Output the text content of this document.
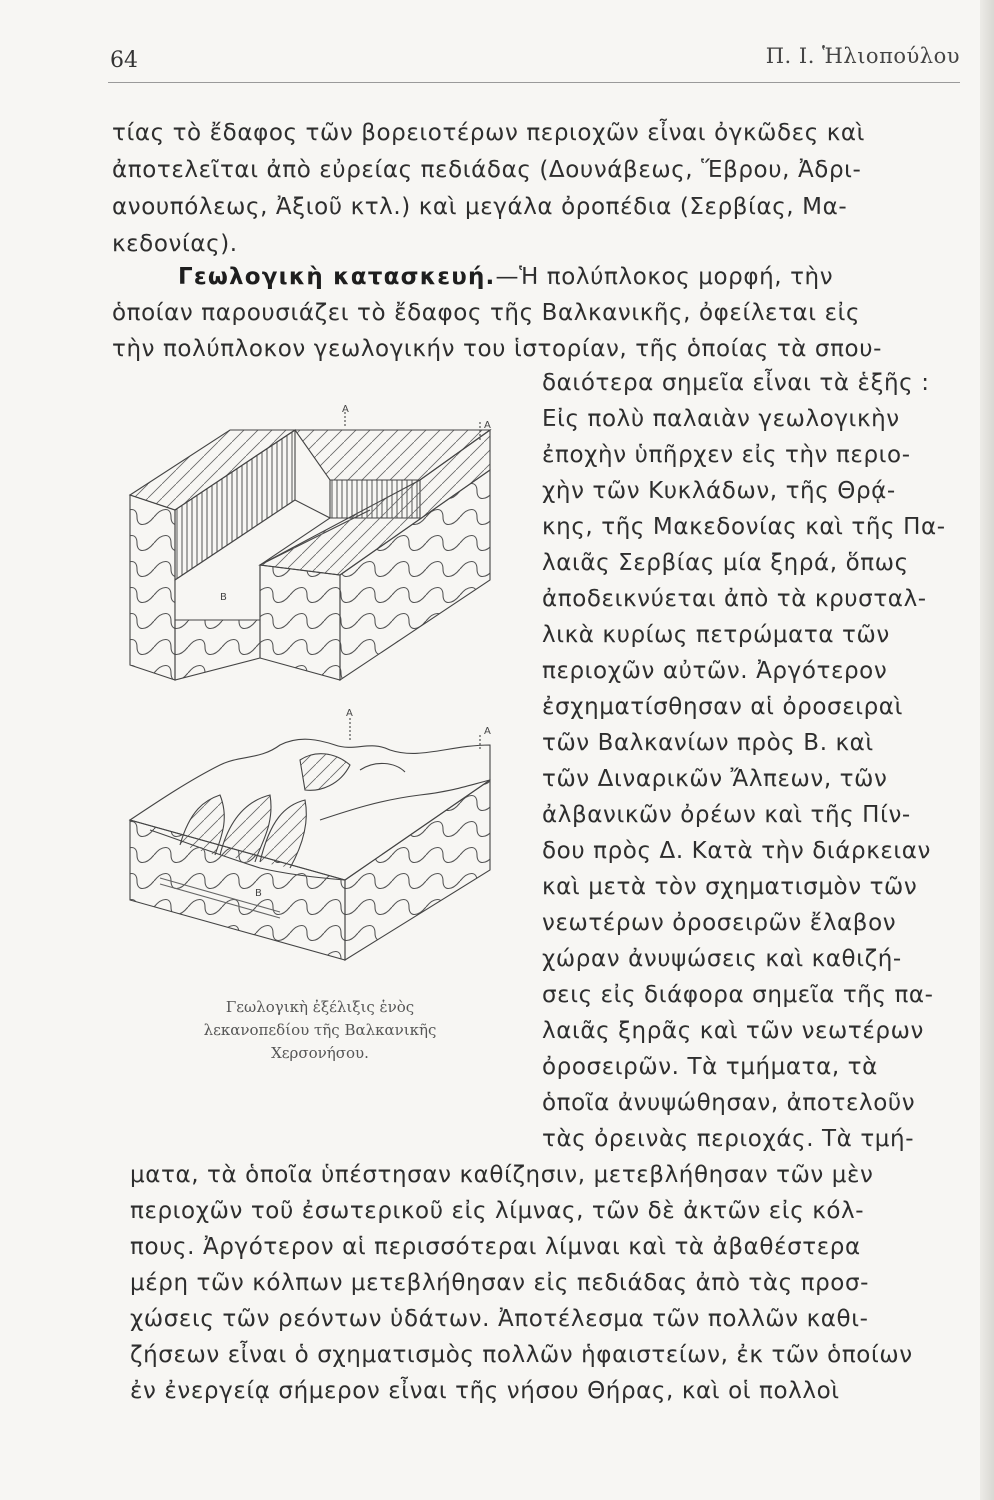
64	Π. Ι. Ἡλιοπούλου
τίας τὸ ἔδαφος τῶν βορειοτέρων περιοχῶν εἶναι ὀγκῶδες καὶ
ἀποτελεῖται ἀπὸ εὐρείας πεδιάδας (Δουνάβεως, Ἕβρου, Ἀδρι-
ανουπόλεως, Ἀξιοῦ κτλ.) καὶ μεγάλα ὀροπέδια (Σερβίας, Μα-
κεδονίας).
Γεωλογικὴ κατασκευή.—Ἡ πολύπλοκος μορφή, τὴν
ὁποίαν παρουσιάζει τὸ ἔδαφος τῆς Βαλκανικῆς, ὀφείλεται εἰς
τὴν πολύπλοκον γεωλογικήν του ἱστορίαν, τῆς ὁποίας τὰ σπου-
δαιότερα σημεῖα εἶναι τὰ ἑξῆς :
Εἰς πολὺ παλαιὰν γεωλογικὴν
ἐποχὴν ὑπῆρχεν εἰς τὴν περιο-
χὴν τῶν Κυκλάδων, τῆς Θρᾴ-
κης, τῆς Μακεδονίας καὶ τῆς Πα-
λαιᾶς Σερβίας μία ξηρά, ὅπως
ἀποδεικνύεται ἀπὸ τὰ κρυσταλ-
λικὰ κυρίως πετρώματα τῶν
περιοχῶν αὐτῶν. Ἀργότερον
ἐσχηματίσθησαν αἱ ὀροσειραὶ
τῶν Βαλκανίων πρὸς Β. καὶ
τῶν Διναρικῶν Ἄλπεων, τῶν
ἀλβανικῶν ὀρέων καὶ τῆς Πίν-
δου πρὸς Δ. Κατὰ τὴν διάρκειαν
καὶ μετὰ τὸν σχηματισμὸν τῶν
νεωτέρων ὀροσειρῶν ἔλαβον
χώραν ἀνυψώσεις καὶ καθιζή-
σεις εἰς διάφορα σημεῖα τῆς πα-
λαιᾶς ξηρᾶς καὶ τῶν νεωτέρων
ὀροσειρῶν. Τὰ τμήματα, τὰ
ὁποῖα ἀνυψώθησαν, ἀποτελοῦν
τὰς ὀρεινὰς περιοχάς. Τὰ τμή-
ματα, τὰ ὁποῖα ὑπέστησαν καθίζησιν, μετεβλήθησαν τῶν μὲν
περιοχῶν τοῦ ἐσωτερικοῦ εἰς λίμνας, τῶν δὲ ἀκτῶν εἰς κόλ-
πους. Ἀργότερον αἱ περισσότεραι λίμναι καὶ τὰ ἀβαθέστερα
μέρη τῶν κόλπων μετεβλήθησαν εἰς πεδιάδας ἀπὸ τὰς προσ-
χώσεις τῶν ρεόντων ὑδάτων. Ἀποτέλεσμα τῶν πολλῶν καθι-
ζήσεων εἶναι ὁ σχηματισμὸς πολλῶν ἡφαιστείων, ἐκ τῶν ὁποίων
ἐν ἐνεργείᾳ σήμερον εἶναι τῆς νήσου Θήρας, καὶ οἱ πολλοὶ
A
A
B
A
A
B
Γεωλογικὴ ἐξέλιξις ἑνὸς
λεκανοπεδίου τῆς Βαλκανικῆς
Χερσονήσου.
